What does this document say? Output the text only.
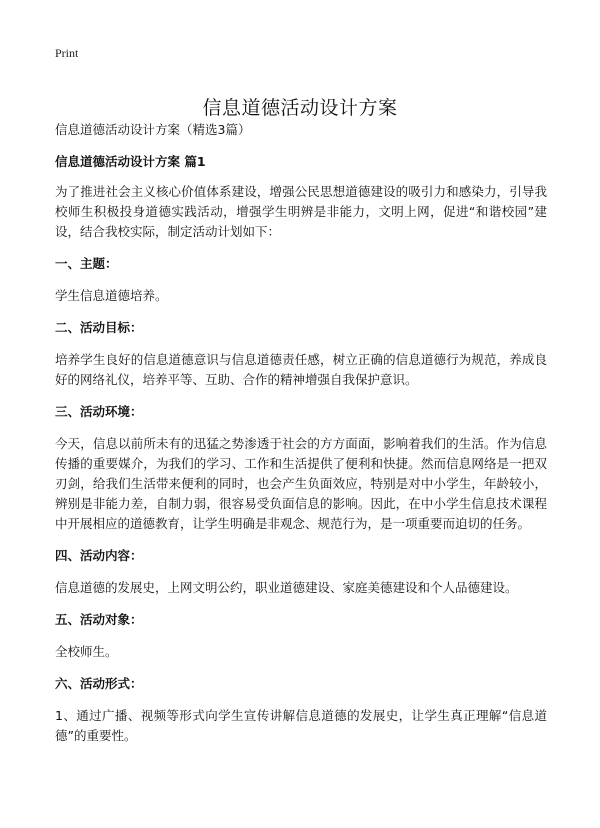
Print
信息道德活动设计方案

信息道德活动设计方案（精选3篇）

信息道德活动设计方案 篇1

为了推进社会主义核心价值体系建设，增强公民思想道德建设的吸引力和感染力，引导我校师生积极投身道德实践活动，增强学生明辨是非能力，文明上网，促进“和谐校园”建设，结合我校实际，制定活动计划如下：

一、主题：

学生信息道德培养。

二、活动目标：

培养学生良好的信息道德意识与信息道德责任感，树立正确的信息道德行为规范，养成良好的网络礼仪，培养平等、互助、合作的精神增强自我保护意识。

三、活动环境：

今天，信息以前所未有的迅猛之势渗透于社会的方方面面，影响着我们的生活。作为信息传播的重要媒介，为我们的学习、工作和生活提供了便利和快捷。然而信息网络是一把双刃剑，给我们生活带来便利的同时，也会产生负面效应，特别是对中小学生，年龄较小，辨别是非能力差，自制力弱，很容易受负面信息的影响。因此，在中小学生信息技术课程中开展相应的道德教育，让学生明确是非观念、规范行为，是一项重要而迫切的任务。

四、活动内容：

信息道德的发展史，上网文明公约，职业道德建设、家庭美德建设和个人品德建设。

五、活动对象：

全校师生。

六、活动形式：

1、通过广播、视频等形式向学生宣传讲解信息道德的发展史，让学生真正理解“信息道德”的重要性。
